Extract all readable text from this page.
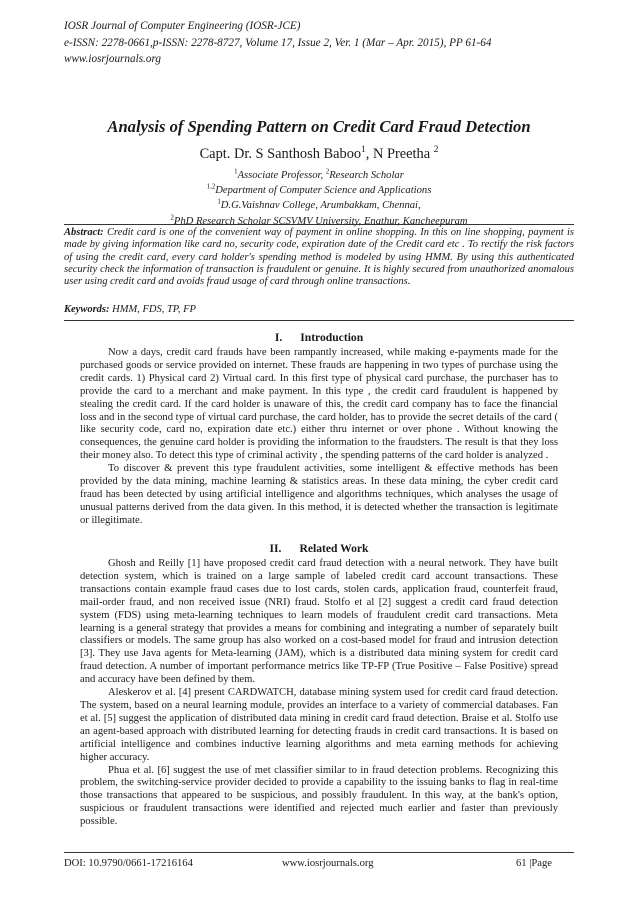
IOSR Journal of Computer Engineering (IOSR-JCE)
e-ISSN: 2278-0661,p-ISSN: 2278-8727, Volume 17, Issue 2, Ver. 1 (Mar – Apr. 2015), PP 61-64
www.iosrjournals.org
Analysis of Spending Pattern on Credit Card Fraud Detection
Capt. Dr. S Santhosh Baboo$^1$, N Preetha $^2$
$^1$Associate Professor, $^2$Research Scholar
$^{1,2}$Department of Computer Science and Applications
$^1$D.G.Vaishnav College, Arumbakkam, Chennai,
$^2$PhD Research Scholar SCSVMV University, Enathur, Kancheepuram
Abstract: Credit card is one of the convenient way of payment in online shopping. In this on line shopping, payment is made by giving information like card no, security code, expiration date of the Credit card etc . To rectify the risk factors of using the credit card, every card holder's spending method is modeled by using HMM. By using this authenticated security check the information of transaction is fraudulent or genuine. It is highly secured from unauthorized anomalous user using credit card and avoids fraud usage of card through online transactions.
Keywords: HMM, FDS, TP, FP
I. Introduction

Now a days, credit card frauds have been rampantly increased, while making e-payments made for the purchased goods or service provided on internet. These frauds are happening in two types of purchase using the credit cards. 1) Physical card 2) Virtual card. In this first type of physical card purchase, the purchaser has to provide the card to a merchant and make payment. In this type , the credit card fraudulent is happened by stealing the credit card. If the card holder is unaware of this, the credit card company has to face the financial loss and in the second type of virtual card purchase, the card holder, has to provide the secret details of the card ( like security code, card no, expiration date etc.) either thru internet or over phone . Without knowing the consequences, the genuine card holder is providing the information to the fraudsters. The result is that they loss their money also. To detect this type of criminal activity , the spending patterns of the card holder is analyzed .

To discover & prevent this type fraudulent activities, some intelligent & effective methods has been provided by the data mining, machine learning & statistics areas. In these data mining, the cyber credit card fraud has been detected by using artificial intelligence and algorithms techniques, which analyses the usage of unusual patterns derived from the data given. In this method, it is detected whether the transaction is legitimate or illegitimate.

II. Related Work

Ghosh and Reilly [1] have proposed credit card fraud detection with a neural network. They have built detection system, which is trained on a large sample of labeled credit card account transactions. These transactions contain example fraud cases due to lost cards, stolen cards, application fraud, counterfeit fraud, mail-order fraud, and non received issue (NRI) fraud. Stolfo et al [2] suggest a credit card fraud detection system (FDS) using meta-learning techniques to learn models of fraudulent credit card transactions. Meta learning is a general strategy that provides a means for combining and integrating a number of separately built classifiers or models. The same group has also worked on a cost-based model for fraud and intrusion detection [3]. They use Java agents for Meta-learning (JAM), which is a distributed data mining system for credit card fraud detection. A number of important performance metrics like TP-FP (True Positive – False Positive) spread and accuracy have been defined by them.

Aleskerov et al. [4] present CARDWATCH, database mining system used for credit card fraud detection. The system, based on a neural learning module, provides an interface to a variety of commercial databases. Fan et al. [5] suggest the application of distributed data mining in credit card fraud detection. Braise et al. Stolfo use an agent-based approach with distributed learning for detecting frauds in credit card transactions. It is based on artificial intelligence and combines inductive learning algorithms and meta earning methods for achieving higher accuracy.

Phua et al. [6] suggest the use of met classifier similar to in fraud detection problems. Recognizing this problem, the switching-service provider decided to provide a capability to the issuing banks to flag in real-time those transactions that appeared to be suspicious, and possibly fraudulent. In this way, at the bank's option, suspicious or fraudulent transactions were identified and rejected much earlier and faster than previously possible.

DOI: 10.9790/0661-17216164	www.iosrjournals.org	61 |Page
